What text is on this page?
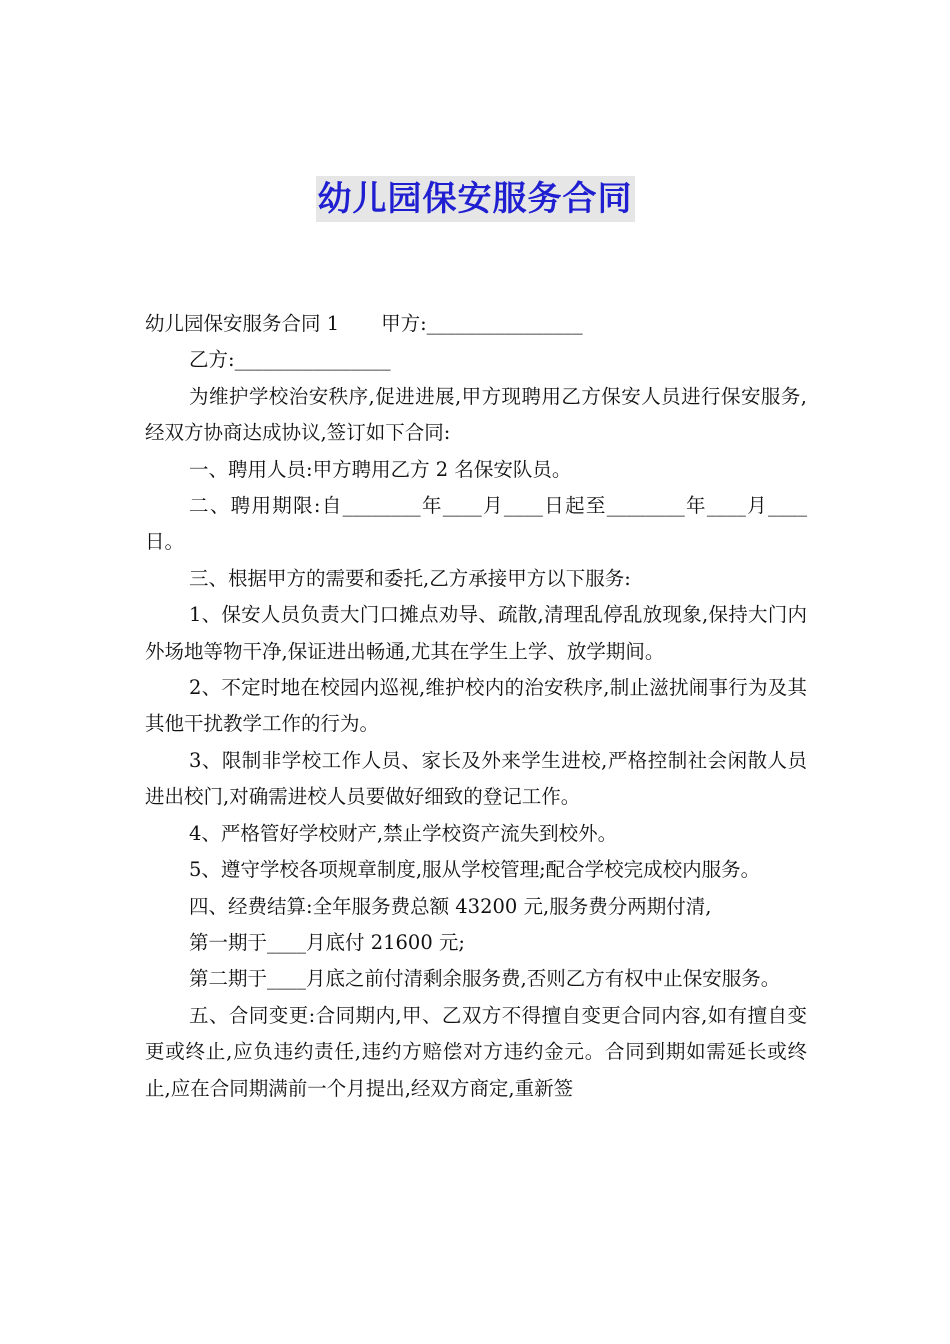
幼儿园保安服务合同

幼儿园保安服务合同 1 甲方:________________

乙方:________________

为维护学校治安秩序,促进进展,甲方现聘用乙方保安人员进行保安服务,经双方协商达成协议,签订如下合同:

一、聘用人员:甲方聘用乙方 2 名保安队员。

二、聘用期限:自________年____月____日起至________年____月____日。

三、根据甲方的需要和委托,乙方承接甲方以下服务:

1、保安人员负责大门口摊点劝导、疏散,清理乱停乱放现象,保持大门内外场地等物干净,保证进出畅通,尤其在学生上学、放学期间。

2、不定时地在校园内巡视,维护校内的治安秩序,制止滋扰闹事行为及其其他干扰教学工作的行为。

3、限制非学校工作人员、家长及外来学生进校,严格控制社会闲散人员进出校门,对确需进校人员要做好细致的登记工作。

4、严格管好学校财产,禁止学校资产流失到校外。

5、遵守学校各项规章制度,服从学校管理;配合学校完成校内服务。

四、经费结算:全年服务费总额 43200 元,服务费分两期付清,

第一期于____月底付 21600 元;

第二期于____月底之前付清剩余服务费,否则乙方有权中止保安服务。

五、合同变更:合同期内,甲、乙双方不得擅自变更合同内容,如有擅自变更或终止,应负违约责任,违约方赔偿对方违约金元。合同到期如需延长或终止,应在合同期满前一个月提出,经双方商定,重新签
